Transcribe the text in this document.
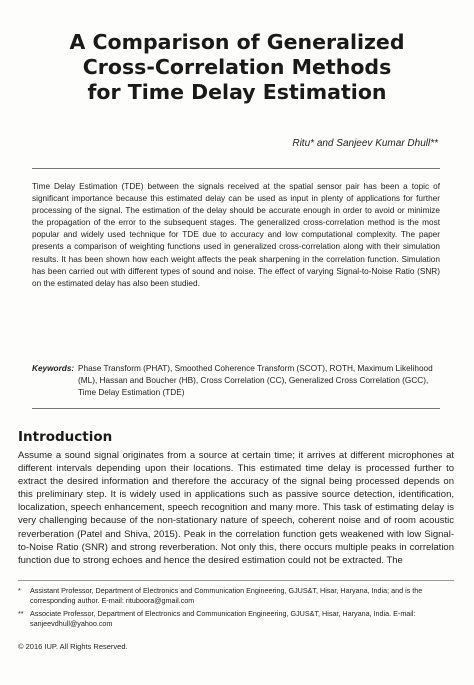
A Comparison of Generalized
Cross-Correlation Methods
for Time Delay Estimation
Ritu* and Sanjeev Kumar Dhull**
Time Delay Estimation (TDE) between the signals received at the spatial sensor pair has been a topic of significant importance because this estimated delay can be used as input in plenty of applications for further processing of the signal. The estimation of the delay should be accurate enough in order to avoid or minimize the propagation of the error to the subsequent stages. The generalized cross-correlation method is the most popular and widely used technique for TDE due to accuracy and low computational complexity. The paper presents a comparison of weighting functions used in generalized cross-correlation along with their simulation results. It has been shown how each weight affects the peak sharpening in the correlation function. Simulation has been carried out with different types of sound and noise. The effect of varying Signal-to-Noise Ratio (SNR) on the estimated delay has also been studied.
Keywords: Phase Transform (PHAT), Smoothed Coherence Transform (SCOT), ROTH, Maximum Likelihood (ML), Hassan and Boucher (HB), Cross Correlation (CC), Generalized Cross Correlation (GCC), Time Delay Estimation (TDE)
Introduction
Assume a sound signal originates from a source at certain time; it arrives at different microphones at different intervals depending upon their locations. This estimated time delay is processed further to extract the desired information and therefore the accuracy of the signal being processed depends on this preliminary step. It is widely used in applications such as passive source detection, identification, localization, speech enhancement, speech recognition and many more. This task of estimating delay is very challenging because of the non-stationary nature of speech, coherent noise and of room acoustic reverberation (Patel and Shiva, 2015). Peak in the correlation function gets weakened with low Signal-to-Noise Ratio (SNR) and strong reverberation. Not only this, there occurs multiple peaks in correlation function due to strong echoes and hence the desired estimation could not be extracted. The
*	Assistant Professor, Department of Electronics and Communication Engineering, GJUS&T, Hisar, Haryana, India; and is the corresponding author. E-mail: rituboora@gmail.com
** Associate Professor, Department of Electronics and Communication Engineering, GJUS&T, Hisar, Haryana, India. E-mail: sanjeevdhull@yahoo.com
© 2016 IUP. All Rights Reserved.
